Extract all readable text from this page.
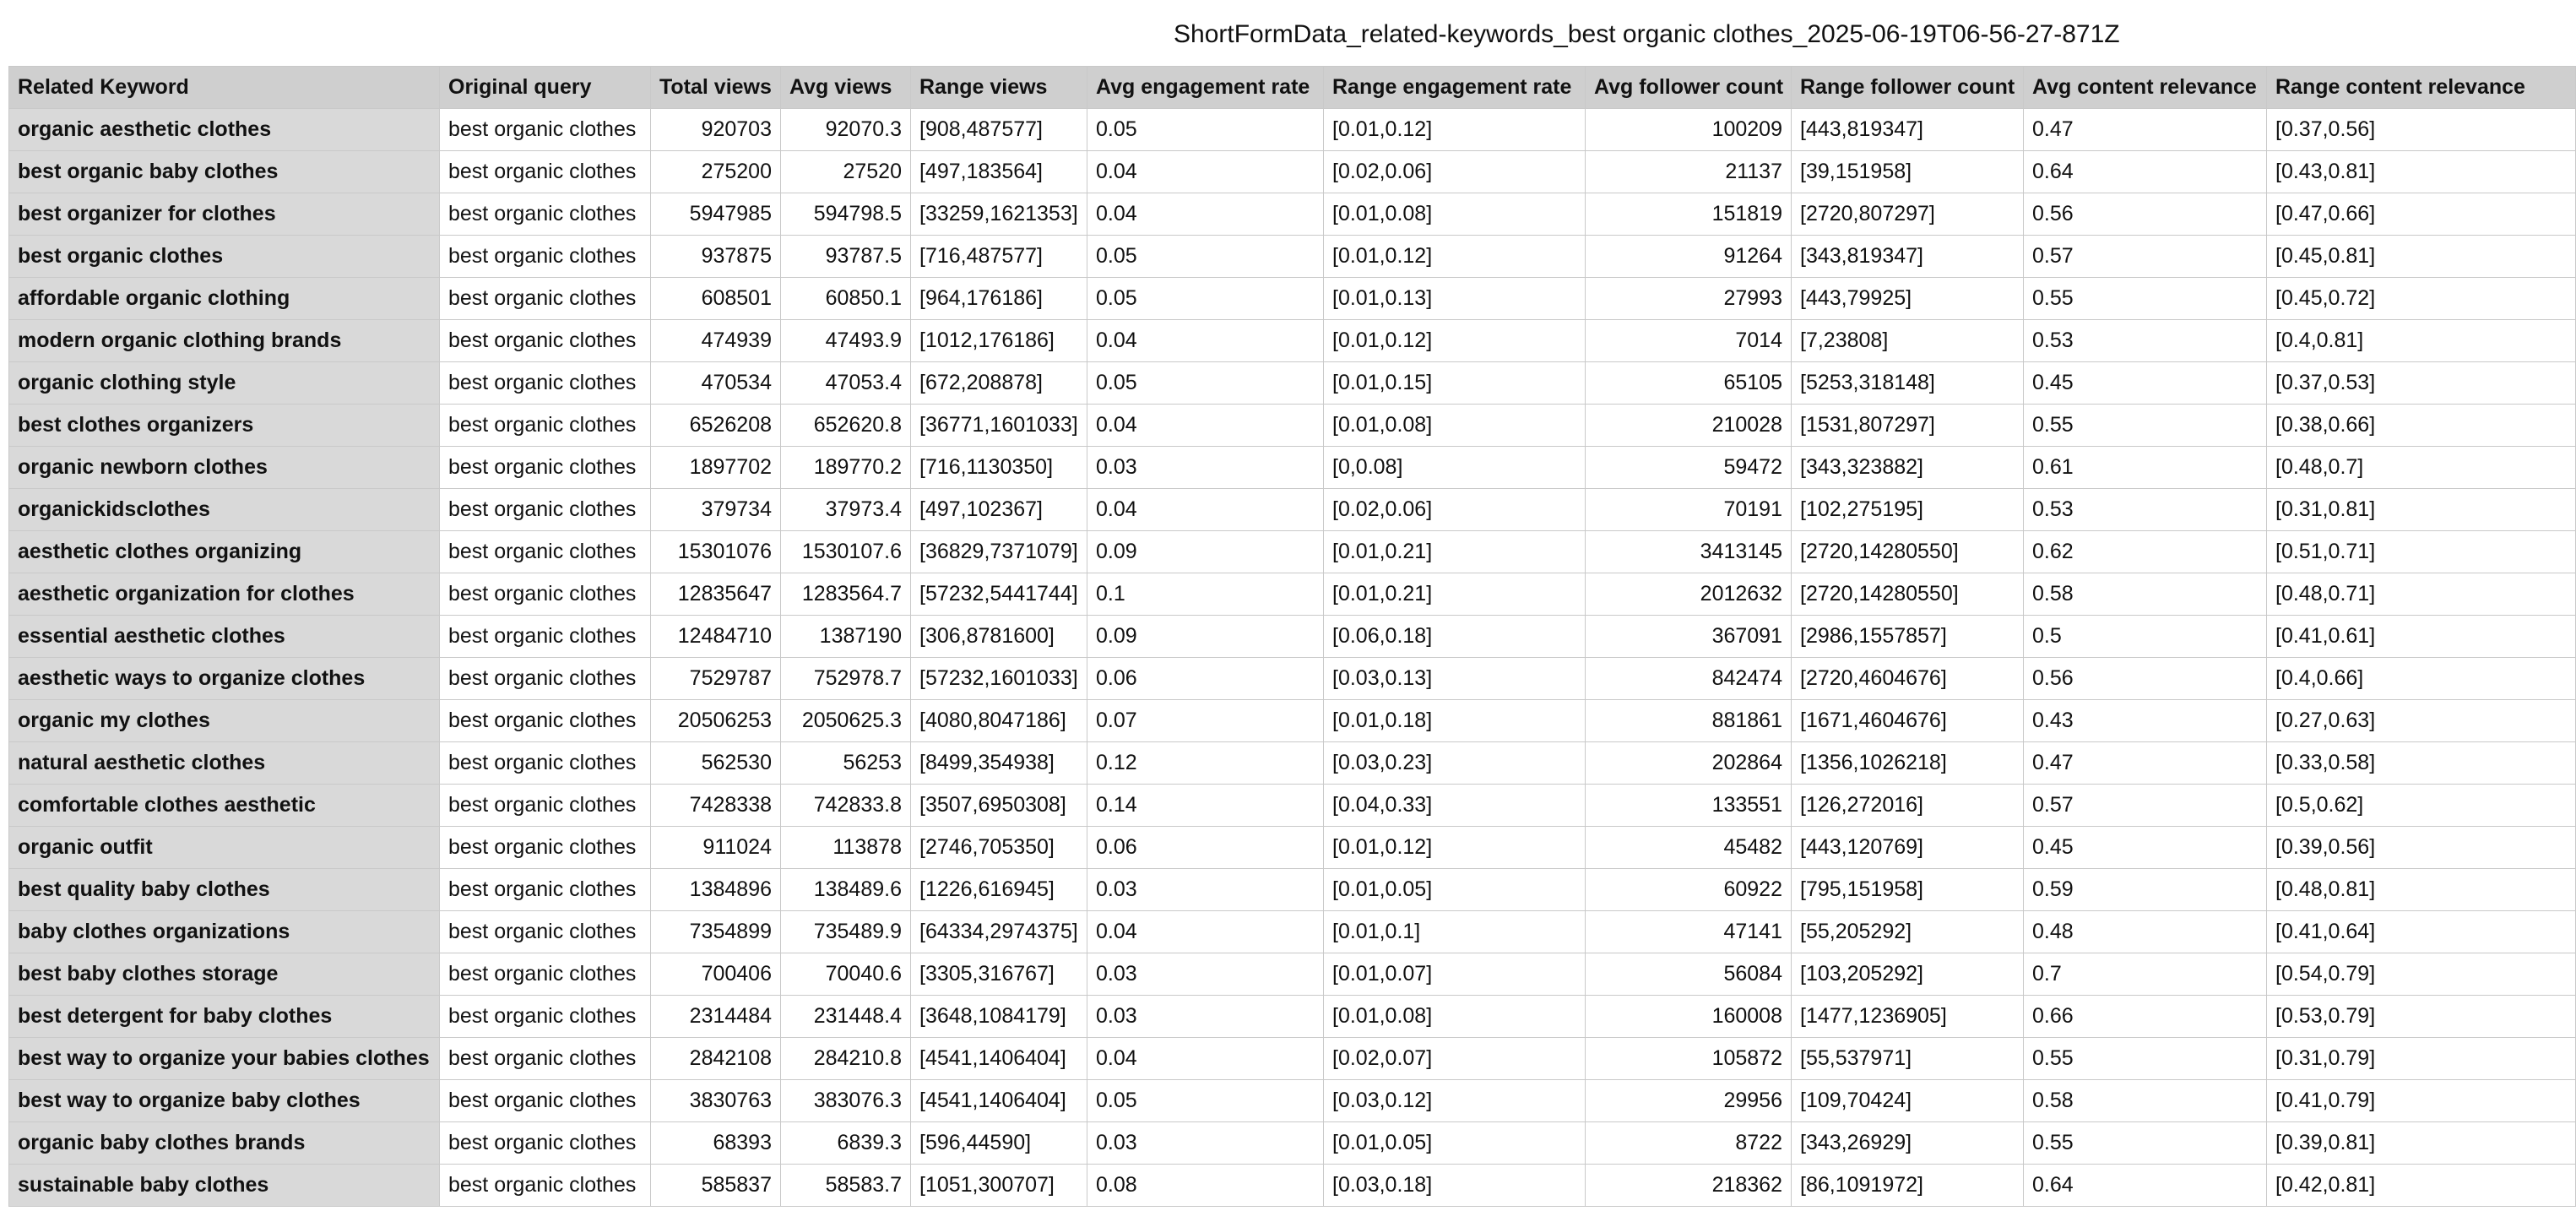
ShortFormData_related-keywords_best organic clothes_2025-06-19T06-56-27-871Z
Related Keyword	Original query	Total views	Avg views	Range views	Avg engagement rate	Range engagement rate	Avg follower count	Range follower count	Avg content relevance	Range content relevance
organic aesthetic clothes	best organic clothes	920703	92070.3	[908,487577]	0.05	[0.01,0.12]	100209	[443,819347]	0.47	[0.37,0.56]
best organic baby clothes	best organic clothes	275200	27520	[497,183564]	0.04	[0.02,0.06]	21137	[39,151958]	0.64	[0.43,0.81]
best organizer for clothes	best organic clothes	5947985	594798.5	[33259,1621353]	0.04	[0.01,0.08]	151819	[2720,807297]	0.56	[0.47,0.66]
best organic clothes	best organic clothes	937875	93787.5	[716,487577]	0.05	[0.01,0.12]	91264	[343,819347]	0.57	[0.45,0.81]
affordable organic clothing	best organic clothes	608501	60850.1	[964,176186]	0.05	[0.01,0.13]	27993	[443,79925]	0.55	[0.45,0.72]
modern organic clothing brands	best organic clothes	474939	47493.9	[1012,176186]	0.04	[0.01,0.12]	7014	[7,23808]	0.53	[0.4,0.81]
organic clothing style	best organic clothes	470534	47053.4	[672,208878]	0.05	[0.01,0.15]	65105	[5253,318148]	0.45	[0.37,0.53]
best clothes organizers	best organic clothes	6526208	652620.8	[36771,1601033]	0.04	[0.01,0.08]	210028	[1531,807297]	0.55	[0.38,0.66]
organic newborn clothes	best organic clothes	1897702	189770.2	[716,1130350]	0.03	[0,0.08]	59472	[343,323882]	0.61	[0.48,0.7]
organickidsclothes	best organic clothes	379734	37973.4	[497,102367]	0.04	[0.02,0.06]	70191	[102,275195]	0.53	[0.31,0.81]
aesthetic clothes organizing	best organic clothes	15301076	1530107.6	[36829,7371079]	0.09	[0.01,0.21]	3413145	[2720,14280550]	0.62	[0.51,0.71]
aesthetic organization for clothes	best organic clothes	12835647	1283564.7	[57232,5441744]	0.1	[0.01,0.21]	2012632	[2720,14280550]	0.58	[0.48,0.71]
essential aesthetic clothes	best organic clothes	12484710	1387190	[306,8781600]	0.09	[0.06,0.18]	367091	[2986,1557857]	0.5	[0.41,0.61]
aesthetic ways to organize clothes	best organic clothes	7529787	752978.7	[57232,1601033]	0.06	[0.03,0.13]	842474	[2720,4604676]	0.56	[0.4,0.66]
organic my clothes	best organic clothes	20506253	2050625.3	[4080,8047186]	0.07	[0.01,0.18]	881861	[1671,4604676]	0.43	[0.27,0.63]
natural aesthetic clothes	best organic clothes	562530	56253	[8499,354938]	0.12	[0.03,0.23]	202864	[1356,1026218]	0.47	[0.33,0.58]
comfortable clothes aesthetic	best organic clothes	7428338	742833.8	[3507,6950308]	0.14	[0.04,0.33]	133551	[126,272016]	0.57	[0.5,0.62]
organic outfit	best organic clothes	911024	113878	[2746,705350]	0.06	[0.01,0.12]	45482	[443,120769]	0.45	[0.39,0.56]
best quality baby clothes	best organic clothes	1384896	138489.6	[1226,616945]	0.03	[0.01,0.05]	60922	[795,151958]	0.59	[0.48,0.81]
baby clothes organizations	best organic clothes	7354899	735489.9	[64334,2974375]	0.04	[0.01,0.1]	47141	[55,205292]	0.48	[0.41,0.64]
best baby clothes storage	best organic clothes	700406	70040.6	[3305,316767]	0.03	[0.01,0.07]	56084	[103,205292]	0.7	[0.54,0.79]
best detergent for baby clothes	best organic clothes	2314484	231448.4	[3648,1084179]	0.03	[0.01,0.08]	160008	[1477,1236905]	0.66	[0.53,0.79]
best way to organize your babies clothes	best organic clothes	2842108	284210.8	[4541,1406404]	0.04	[0.02,0.07]	105872	[55,537971]	0.55	[0.31,0.79]
best way to organize baby clothes	best organic clothes	3830763	383076.3	[4541,1406404]	0.05	[0.03,0.12]	29956	[109,70424]	0.58	[0.41,0.79]
organic baby clothes brands	best organic clothes	68393	6839.3	[596,44590]	0.03	[0.01,0.05]	8722	[343,26929]	0.55	[0.39,0.81]
sustainable baby clothes	best organic clothes	585837	58583.7	[1051,300707]	0.08	[0.03,0.18]	218362	[86,1091972]	0.64	[0.42,0.81]
